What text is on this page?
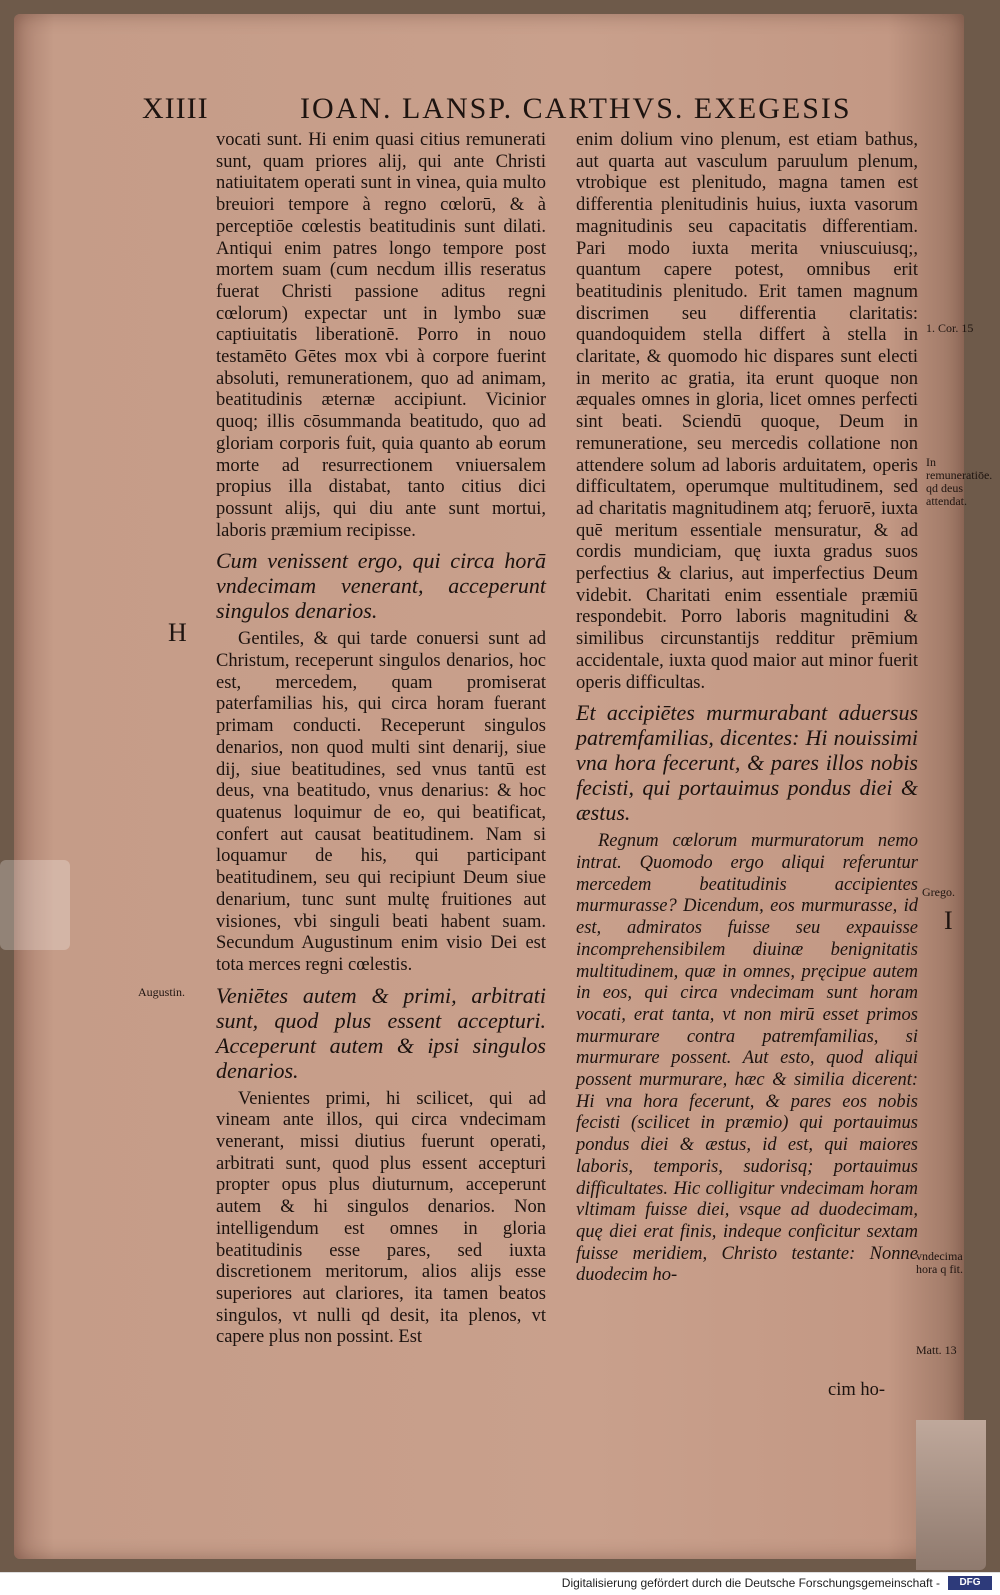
XIIII	IOAN. LANSP. CARTHVS. EXEGESIS

vocati sunt. Hi enim quasi citius remunerati sunt, quam priores alij, qui ante Christi natiuitatem operati sunt in vinea, quia multo breuiori tempore à regno cœlorū, & à perceptiōe cœlestis beatitudinis sunt dilati. Antiqui enim patres longo tempore post mortem suam (cum necdum illis reseratus fuerat Christi passione aditus regni cœlorum) expectar unt in lymbo suæ captiuitatis liberationē. Porro in nouo testamēto Gētes mox vbi à corpore fuerint absoluti, remunerationem, quo ad animam, beatitudinis æternæ accipiunt. Vicinior quoq; illis cōsummanda beatitudo, quo ad gloriam corporis fuit, quia quanto ab eorum morte ad resurrectionem vniuersalem propius illa distabat, tanto citius dici possunt alijs, qui diu ante sunt mortui, laboris præmium recipisse.

Cum venissent ergo, qui circa horā vndecimam venerant, acceperunt singulos denarios.

Gentiles, & qui tarde conuersi sunt ad Christum, receperunt singulos denarios, hoc est, mercedem, quam promiserat paterfamilias his, qui circa horam fuerant primam conducti. Receperunt singulos denarios, non quod multi sint denarij, siue dij, siue beatitudines, sed vnus tantū est deus, vna beatitudo, vnus denarius: & hoc quatenus loquimur de eo, qui beatificat, confert aut causat beatitudinem. Nam si loquamur de his, qui participant beatitudinem, seu qui recipiunt Deum siue denarium, tunc sunt multę fruitiones aut visiones, vbi singuli beati habent suam. Secundum Augustinum enim visio Dei est tota merces regni cœlestis.

Veniētes autem & primi, arbitrati sunt, quod plus essent accepturi. Acceperunt autem & ipsi singulos denarios.

Venientes primi, hi scilicet, qui ad vineam ante illos, qui circa vndecimam venerant, missi diutius fuerunt operati, arbitrati sunt, quod plus essent accepturi propter opus plus diuturnum, acceperunt autem & hi singulos denarios. Non intelligendum est omnes in gloria beatitudinis esse pares, sed iuxta discretionem meritorum, alios alijs esse superiores aut clariores, ita tamen beatos singulos, vt nulli qd desit, ita plenos, vt capere plus non possint. Est

enim dolium vino plenum, est etiam bathus, aut quarta aut vasculum paruulum plenum, vtrobique est plenitudo, magna tamen est differentia plenitudinis huius, iuxta vasorum magnitudinis seu capacitatis differentiam. Pari modo iuxta merita vniuscuiusq;, quantum capere potest, omnibus erit beatitudinis plenitudo. Erit tamen magnum discrimen seu differentia claritatis: quandoquidem stella differt à stella in claritate, & quomodo hic dispares sunt electi in merito ac gratia, ita erunt quoque non æquales omnes in gloria, licet omnes perfecti sint beati. Sciendū quoque, Deum in remuneratione, seu mercedis collatione non attendere solum ad laboris arduitatem, operis difficultatem, operumque multitudinem, sed ad charitatis magnitudinem atq; feruorē, iuxta quē meritum essentiale mensuratur, & ad cordis mundiciam, quę iuxta gradus suos perfectius & clarius, aut imperfectius Deum videbit. Charitati enim essentiale præmiū respondebit. Porro laboris magnitudini & similibus circunstantijs redditur prēmium accidentale, iuxta quod maior aut minor fuerit operis difficultas.

Et accipiētes murmurabant aduersus patremfamilias, dicentes: Hi nouissimi vna hora fecerunt, & pares illos nobis fecisti, qui portauimus pondus diei & æstus.

Regnum cœlorum murmuratorum nemo intrat. Quomodo ergo aliqui referuntur mercedem beatitudinis accipientes murmurasse? Dicendum, eos murmurasse, id est, admiratos fuisse seu expauisse incomprehensibilem diuinæ benignitatis multitudinem, quæ in omnes, pręcipue autem in eos, qui circa vndecimam sunt horam vocati, erat tanta, vt non mirū esset primos murmurare contra patremfamilias, si murmurare possent. Aut esto, quod aliqui possent murmurare, hæc & similia dicerent: Hi vna hora fecerunt, & pares eos nobis fecisti (scilicet in præmio) qui portauimus pondus diei & æstus, id est, qui maiores laboris, temporis, sudorisq; portauimus difficultates. Hic colligitur vndecimam horam vltimam fuisse diei, vsque ad duodecimam, quę diei erat finis, indeque conficitur sextam fuisse meridiem, Christo testante: Nonne duodecim ho-

cim ho-
H
Augustin.
1. Cor. 15
In remuneratiōe. qd deus attendat.
Grego.
I
vndecima hora q fit.
Matt. 13
Digitalisierung gefördert durch die Deutsche Forschungsgemeinschaft -	DFG
